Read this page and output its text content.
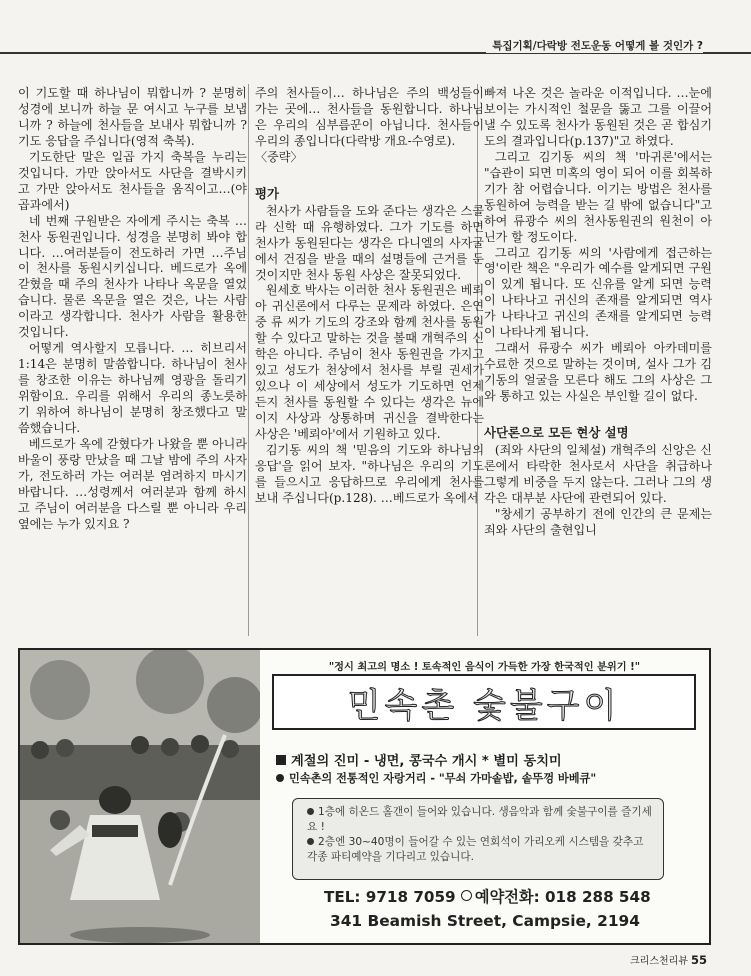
특집기획/다락방 전도운동 어떻게 볼 것인가 ?

이 기도할 때 하나님이 뭐합니까 ? 분명히 성경에 보니까 하늘 문 여시고 누구를 보냅니까 ? 하늘에 천사들을 보내사 뭐합니까 ? 기도 응답을 주십니다(영적 축복).

기도한단 말은 일곱 가지 축복을 누리는 것입니다. 가만 앉아서도 사단을 결박시키고 가만 앉아서도 천사들을 움직이고…(야곱과에서)

네 번째 구원받은 자에게 주시는 축복 … 천사 동원권입니다. 성경을 분명히 봐야 합니다. …여러분들이 전도하러 가면 …주님이 천사를 동원시키십니다. 베드로가 옥에 갇혔을 때 주의 천사가 나타나 옥문을 열었습니다. 물론 옥문을 열은 것은, 나는 사람이라고 생각합니다. 천사가 사람을 활용한 것입니다.

어떻게 역사할지 모릅니다. … 히브리서 1:14은 분명히 말씀합니다. 하나님이 천사를 창조한 이유는 하나님께 영광을 돌리기 위함이요. 우리를 위해서 우리의 종노릇하기 위하여 하나님이 분명히 창조했다고 말씀했습니다.

베드로가 옥에 갇혔다가 나왔을 뿐 아니라 바울이 풍랑 만났을 때 그날 밤에 주의 사자가, 전도하러 가는 여러분 염려하지 마시기 바랍니다. …성령께서 여러분과 함께 하시고 주님이 여러분을 다스릴 뿐 아니라 우리 옆에는 누가 있지요 ?

주의 천사들이… 하나님은 주의 백성들이 가는 곳에… 천사들을 동원합니다. 하나님은 우리의 심부름꾼이 아닙니다. 천사들이 우리의 종입니다(다락방 개요-수영로).

〈중략〉

평가

천사가 사람들을 도와 준다는 생각은 스콜라 신학 때 유행하였다. 그가 기도를 하면 천사가 동원된다는 생각은 다니엘의 사자굴에서 건짐을 받을 때의 설명들에 근거를 둔 것이지만 천사 동원 사상은 잘못되었다.

원세호 박사는 이러한 천사 동원권은 베뢰아 귀신론에서 다루는 문제라 하였다. 은연중 류 씨가 기도의 강조와 함께 천사를 동원할 수 있다고 말하는 것을 볼때 개혁주의 신학은 아니다. 주님이 천사 동원권을 가지고 있고 성도가 천상에서 천사를 부릴 권세가 있으나 이 세상에서 성도가 기도하면 언제든지 천사를 동원할 수 있다는 생각은 뉴에이지 사상과 상통하며 귀신을 결박한다는 사상은 '베뢰아'에서 기원하고 있다.

김기동 씨의 책 '믿음의 기도와 하나님의 응답'을 읽어 보자. "하나님은 우리의 기도를 들으시고 응답하므로 우리에게 천사를 보내 주십니다(p.128). …베드로가 옥에서

빠져 나온 것은 놀라운 이적입니다. …눈에 보이는 가시적인 철문을 뚫고 그를 이끌어 낼 수 있도록 천사가 동원된 것은 곧 합심기도의 결과입니다(p.137)"고 하였다.

그리고 김기동 씨의 책 '마귀론'에서는 "습관이 되면 미혹의 영이 되어 이를 회복하기가 참 어렵습니다. 이기는 방법은 천사를 동원하여 능력을 받는 길 밖에 없습니다"고 하여 류광수 씨의 천사동원권의 원천이 아닌가 할 정도이다.

그리고 김기동 씨의 '사람에게 접근하는 영'이란 책은 "우리가 예수를 알게되면 구원이 있게 됩니다. 또 신유를 알게 되면 능력이 나타나고 귀신의 존재를 알게되면 역사가 나타나고 귀신의 존재를 알게되면 능력이 나타나게 됩니다.

그래서 류광수 씨가 베뢰아 아카데미를 수료한 것으로 말하는 것이며, 설사 그가 김기동의 얼굴을 모른다 해도 그의 사상은 그와 통하고 있는 사실은 부인할 길이 없다.

사단론으로 모든 현상 설명

(죄와 사단의 일체설) 개혁주의 신앙은 신론에서 타락한 천사로서 사단을 취급하나 그렇게 비중을 두지 않는다. 그러나 그의 생각은 대부분 사단에 관련되어 있다.

"창세기 공부하기 전에 인간의 큰 문제는 죄와 사단의 출현입니

"정시 최고의 명소 ! 토속적인 음식이 가득한 가장 한국적인 분위기 !"
민속촌 숯불구이
계절의 진미 - 냉면, 콩국수 개시 * 별미 동치미
민속촌의 전통적인 자랑거리 - "무쇠 가마솥밥, 솥뚜껑 바베큐"
1층에 히온드 홀갠이 들어와 있습니다. 생음악과 함께 숯불구이를 즐기세요 !
2층엔 30~40명이 들어갈 수 있는 연회석이 가리오케 시스템을 갖추고 각종 파티예약을 기다리고 있습니다.
TEL: 9718 7059 예약전화: 018 288 548
341 Beamish Street, Campsie, 2194
크리스천리뷰 55
